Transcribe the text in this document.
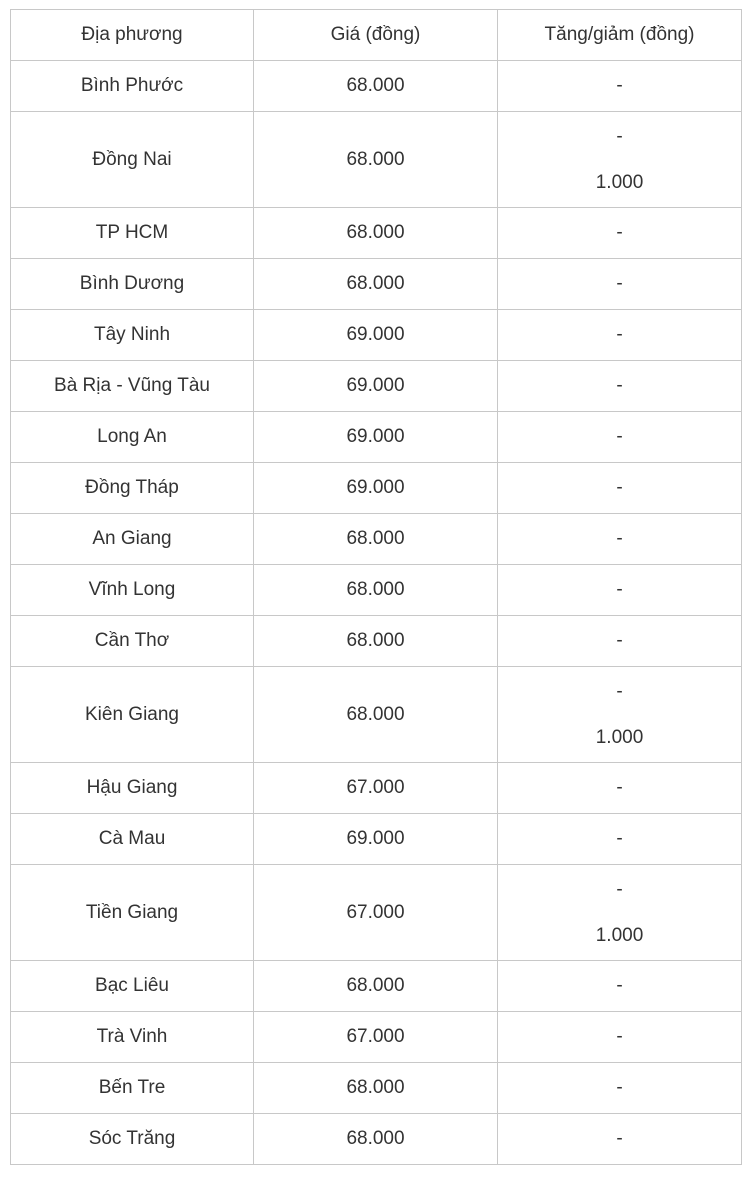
Địa phương	Giá (đồng)	Tăng/giảm (đồng)
Bình Phước	68.000	-

Đồng Nai	68.000	-
1.000

TP HCM	68.000	-

Bình Dương	68.000	-

Tây Ninh	69.000	-

Bà Rịa - Vũng Tàu	69.000	-

Long An	69.000	-

Đồng Tháp	69.000	-

An Giang	68.000	-

Vĩnh Long	68.000	-

Cần Thơ	68.000	-

Kiên Giang	68.000	-
1.000

Hậu Giang	67.000	-

Cà Mau	69.000	-

Tiền Giang	67.000	-
1.000

Bạc Liêu	68.000	-

Trà Vinh	67.000	-

Bến Tre	68.000	-

Sóc Trăng	68.000	-
